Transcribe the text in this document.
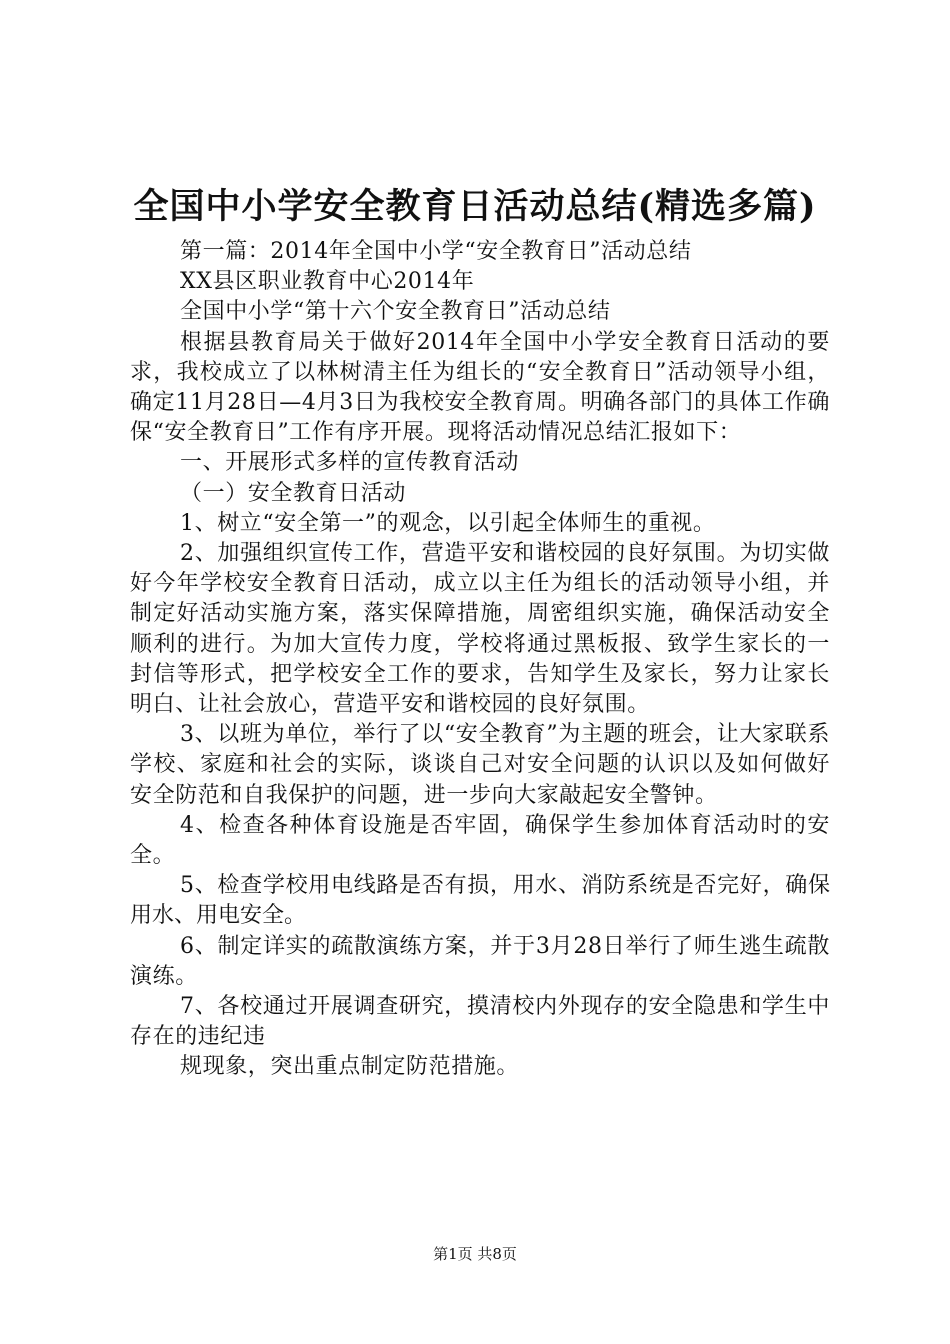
全国中小学安全教育日活动总结(精选多篇)

第一篇：2014年全国中小学“安全教育日”活动总结

XX县区职业教育中心2014年

全国中小学“第十六个安全教育日”活动总结

根据县教育局关于做好2014年全国中小学安全教育日活动的要求，我校成立了以林树清主任为组长的“安全教育日”活动领导小组，确定11月28日—4月3日为我校安全教育周。明确各部门的具体工作确保“安全教育日”工作有序开展。现将活动情况总结汇报如下：

一、开展形式多样的宣传教育活动

（一）安全教育日活动

1、树立“安全第一”的观念，以引起全体师生的重视。

2、加强组织宣传工作，营造平安和谐校园的良好氛围。为切实做好今年学校安全教育日活动，成立以主任为组长的活动领导小组，并制定好活动实施方案，落实保障措施，周密组织实施，确保活动安全顺利的进行。为加大宣传力度，学校将通过黑板报、致学生家长的一封信等形式，把学校安全工作的要求，告知学生及家长，努力让家长明白、让社会放心，营造平安和谐校园的良好氛围。

3、以班为单位，举行了以“安全教育”为主题的班会，让大家联系学校、家庭和社会的实际，谈谈自己对安全问题的认识以及如何做好安全防范和自我保护的问题，进一步向大家敲起安全警钟。

4、检查各种体育设施是否牢固，确保学生参加体育活动时的安全。

5、检查学校用电线路是否有损，用水、消防系统是否完好，确保用水、用电安全。

6、制定详实的疏散演练方案，并于3月28日举行了师生逃生疏散演练。

7、各校通过开展调查研究，摸清校内外现存的安全隐患和学生中存在的违纪违

规现象，突出重点制定防范措施。

第1页 共8页
